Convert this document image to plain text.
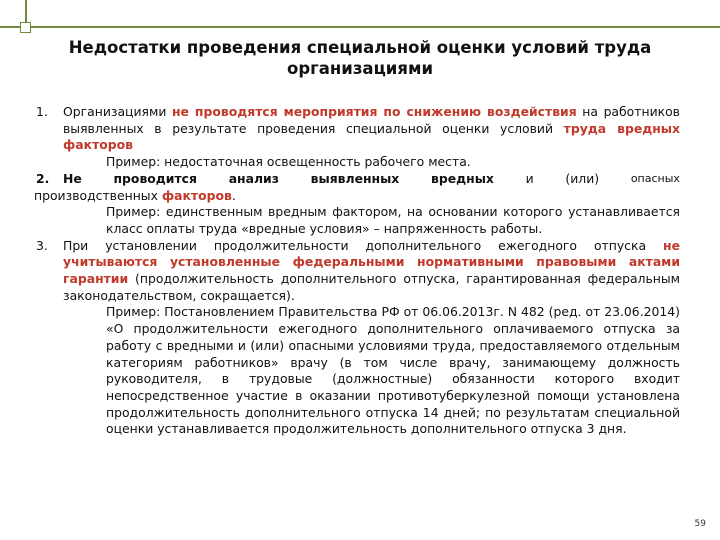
Недостатки проведения специальной оценки условий труда
организациями
1. Организациями не проводятся мероприятия по снижению воздействия на работников выявленных в результате проведения специальной оценки условий труда вредных факторов
Пример: недостаточная освещенность рабочего места.
2. Не	проводится	анализ	выявленных	вредных	и	(или)	опасных
производственных факторов.
Пример: единственным вредным фактором, на основании которого устанавливается класс оплаты труда «вредные условия» – напряженность работы.
3. При установлении продолжительности дополнительного ежегодного отпуска не учитываются установленные федеральными нормативными правовыми актами гарантии (продолжительность дополнительного отпуска, гарантированная федеральным законодательством, сокращается).
Пример: Постановлением Правительства РФ от 06.06.2013г. N 482 (ред. от 23.06.2014) «О продолжительности ежегодного дополнительного оплачиваемого отпуска за работу с вредными и (или) опасными условиями труда, предоставляемого отдельным категориям работников» врачу (в том числе врачу, занимающему должность руководителя, в трудовые (должностные) обязанности которого входит непосредственное участие в оказании противотуберкулезной помощи установлена продолжительность дополнительного отпуска 14 дней; по результатам специальной оценки устанавливается продолжительность дополнительного отпуска 3 дня.
59
